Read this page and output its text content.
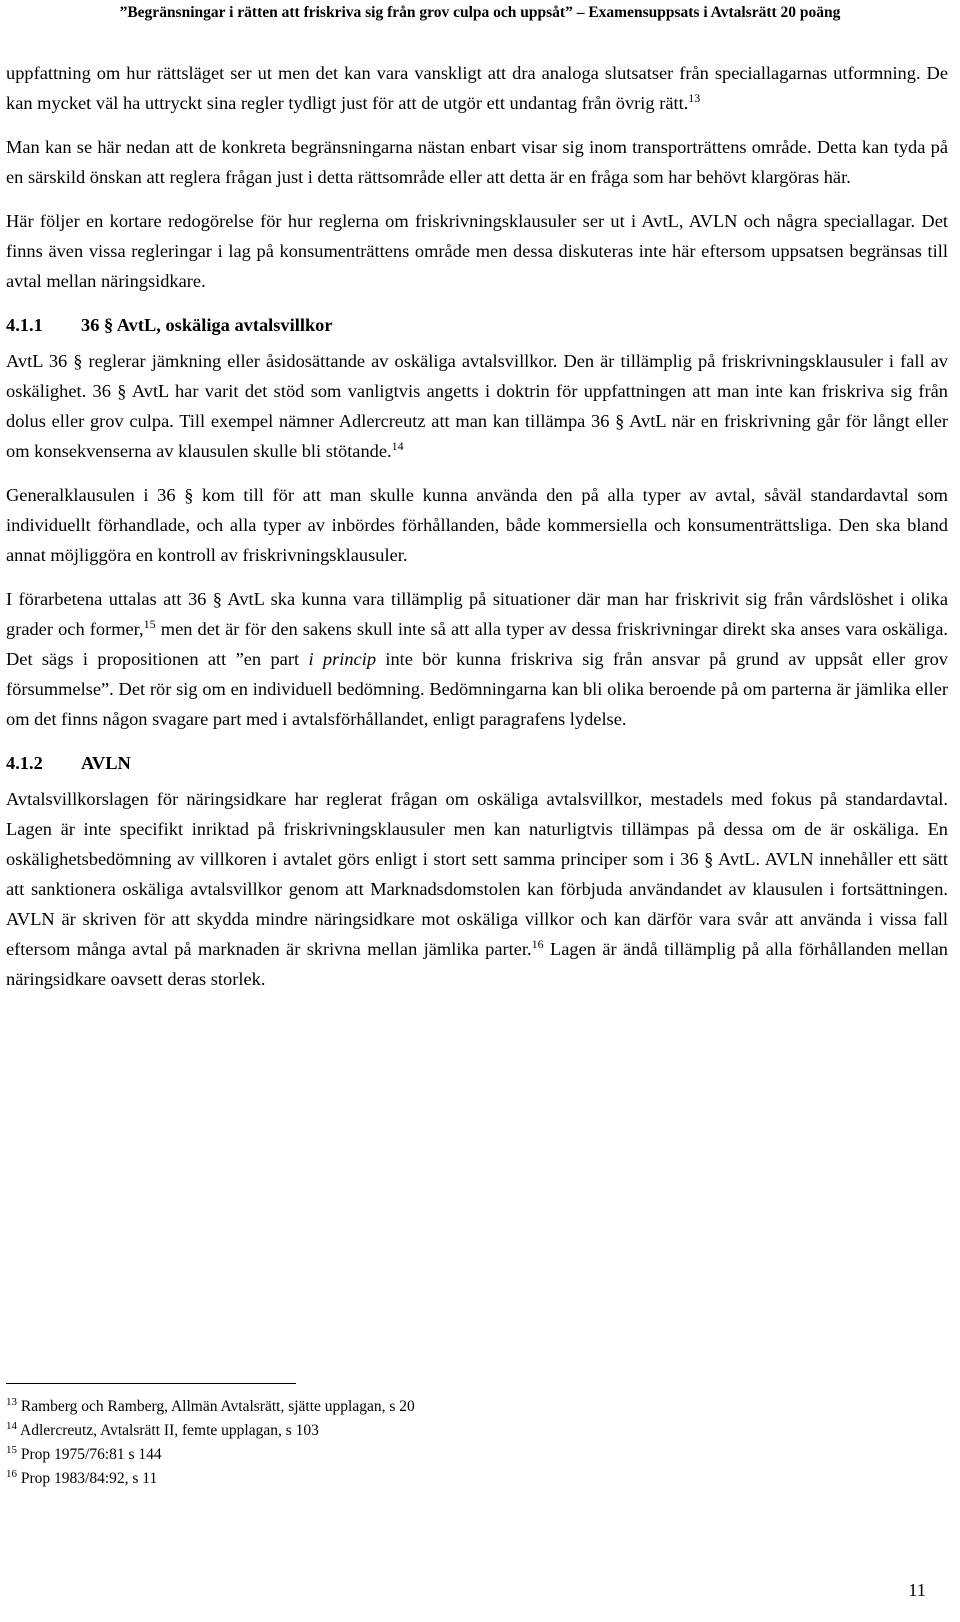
”Begränsningar i rätten att friskriva sig från grov culpa och uppsåt” – Examensuppsats i Avtalsrätt 20 poäng

uppfattning om hur rättsläget ser ut men det kan vara vanskligt att dra analoga slutsatser från speciallagarnas utformning. De kan mycket väl ha uttryckt sina regler tydligt just för att de utgör ett undantag från övrig rätt.$^{13}$

Man kan se här nedan att de konkreta begränsningarna nästan enbart visar sig inom transporträttens område. Detta kan tyda på en särskild önskan att reglera frågan just i detta rättsområde eller att detta är en fråga som har behövt klargöras här.

Här följer en kortare redogörelse för hur reglerna om friskrivningsklausuler ser ut i AvtL, AVLN och några speciallagar. Det finns även vissa regleringar i lag på konsumenträttens område men dessa diskuteras inte här eftersom uppsatsen begränsas till avtal mellan näringsidkare.

4.1.1 36 § AvtL, oskäliga avtalsvillkor

AvtL 36 § reglerar jämkning eller åsidosättande av oskäliga avtalsvillkor. Den är tillämplig på friskrivningsklausuler i fall av oskälighet. 36 § AvtL har varit det stöd som vanligtvis angetts i doktrin för uppfattningen att man inte kan friskriva sig från dolus eller grov culpa. Till exempel nämner Adlercreutz att man kan tillämpa 36 § AvtL när en friskrivning går för långt eller om konsekvenserna av klausulen skulle bli stötande.$^{14}$

Generalklausulen i 36 § kom till för att man skulle kunna använda den på alla typer av avtal, såväl standardavtal som individuellt förhandlade, och alla typer av inbördes förhållanden, både kommersiella och konsumenträttsliga. Den ska bland annat möjliggöra en kontroll av friskrivningsklausuler.

I förarbetena uttalas att 36 § AvtL ska kunna vara tillämplig på situationer där man har friskrivit sig från vårdslöshet i olika grader och former,$^{15}$ men det är för den sakens skull inte så att alla typer av dessa friskrivningar direkt ska anses vara oskäliga. Det sägs i propositionen att ”en part i princip inte bör kunna friskriva sig från ansvar på grund av uppsåt eller grov försummelse”. Det rör sig om en individuell bedömning. Bedömningarna kan bli olika beroende på om parterna är jämlika eller om det finns någon svagare part med i avtalsförhållandet, enligt paragrafens lydelse.

4.1.2 AVLN

Avtalsvillkorslagen för näringsidkare har reglerat frågan om oskäliga avtalsvillkor, mestadels med fokus på standardavtal. Lagen är inte specifikt inriktad på friskrivningsklausuler men kan naturligtvis tillämpas på dessa om de är oskäliga. En oskälighetsbedömning av villkoren i avtalet görs enligt i stort sett samma principer som i 36 § AvtL. AVLN innehåller ett sätt att sanktionera oskäliga avtalsvillkor genom att Marknadsdomstolen kan förbjuda användandet av klausulen i fortsättningen. AVLN är skriven för att skydda mindre näringsidkare mot oskäliga villkor och kan därför vara svår att använda i vissa fall eftersom många avtal på marknaden är skrivna mellan jämlika parter.$^{16}$ Lagen är ändå tillämplig på alla förhållanden mellan näringsidkare oavsett deras storlek.

$^{13}$ Ramberg och Ramberg, Allmän Avtalsrätt, sjätte upplagan, s 20
$^{14}$ Adlercreutz, Avtalsrätt II, femte upplagan, s 103
$^{15}$ Prop 1975/76:81 s 144
$^{16}$ Prop 1983/84:92, s 11
11
